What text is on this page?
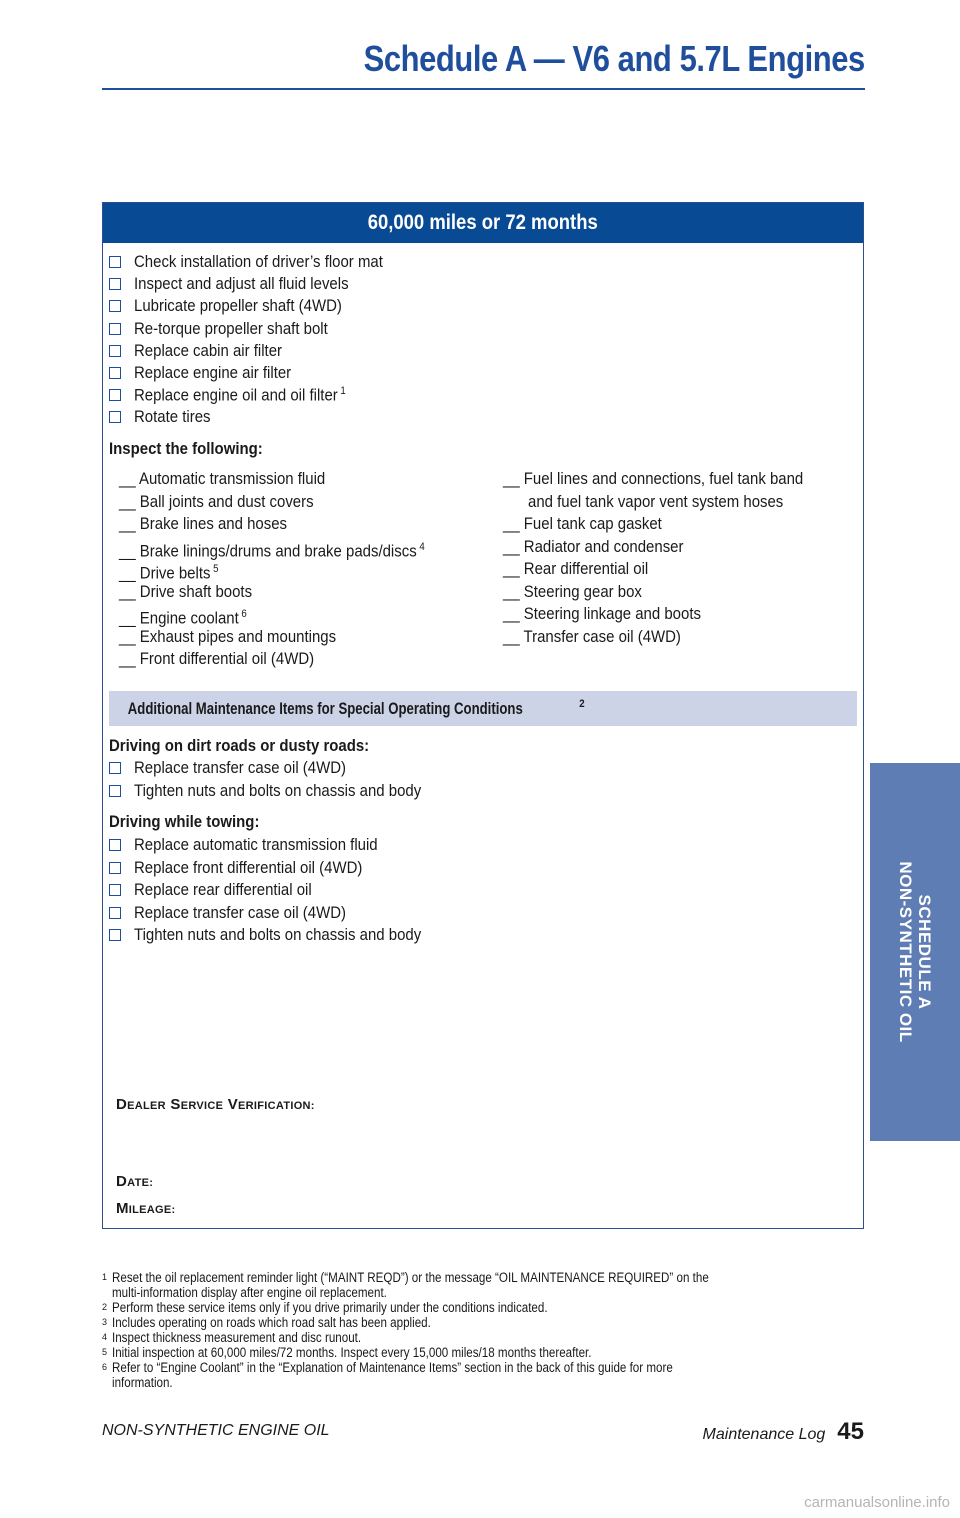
Schedule A — V6 and 5.7L Engines
60,000 miles or 72 months
Inspect the following:
Additional Maintenance Items for Special Operating Conditions	$^2$
Driving on dirt roads or dusty roads:
Driving while towing:
DEALER SERVICE VERIFICATION:
DATE:
MILEAGE:
Check installation of driver’s floor mat
Inspect and adjust all fluid levels
Lubricate propeller shaft (4WD)
Re-torque propeller shaft bolt
Replace cabin air filter
Replace engine air filter
Replace engine oil and oil filter $^1$
Rotate tires
Replace transfer case oil (4WD)
Tighten nuts and bolts on chassis and body
Replace automatic transmission fluid
Replace front differential oil (4WD)
Replace rear differential oil
Replace transfer case oil (4WD)
Tighten nuts and bolts on chassis and body
__ Automatic transmission fluid
__ Ball joints and dust covers
__ Brake lines and hoses
__ Brake linings/drums and brake pads/discs $^4$
__ Drive belts $^5$
__ Drive shaft boots
__ Engine coolant $^6$
__ Exhaust pipes and mountings
__ Front differential oil (4WD)
__ Fuel lines and connections, fuel tank band
and fuel tank vapor vent system hoses
__ Fuel tank cap gasket
__ Radiator and condenser
__ Rear differential oil
__ Steering gear box
__ Steering linkage and boots
__ Transfer case oil (4WD)
1 Reset the oil replacement reminder light (“MAINT REQD”) or the message “OIL MAINTENANCE REQUIRED” on the
multi-information display after engine oil replacement.
2 Perform these service items only if you drive primarily under the conditions indicated.
3 Includes operating on roads which road salt has been applied.
4 Inspect thickness measurement and disc runout.
5 Initial inspection at 60,000 miles/72 months. Inspect every 15,000 miles/18 months thereafter.
6 Refer to “Engine Coolant” in the “Explanation of Maintenance Items” section in the back of this guide for more
information.
NON-SYNTHETIC ENGINE OIL	Maintenance Log 45
SCHEDULE A
NON-SYNTHETIC OIL
carmanualsonline.info
